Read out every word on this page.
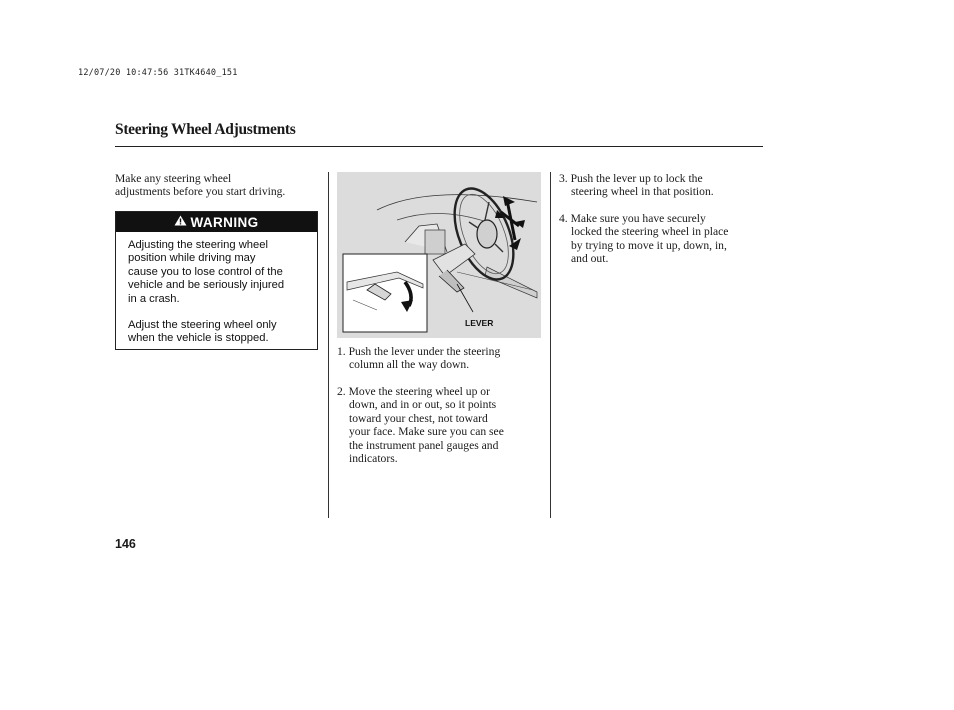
12/07/20 10:47:56 31TK4640_151
Steering Wheel Adjustments
Make any steering wheel
adjustments before you start driving.
WARNING
Adjusting the steering wheel
position while driving may
cause you to lose control of the
vehicle and be seriously injured
in a crash.
Adjust the steering wheel only
when the vehicle is stopped.
LEVER
1. Push the lever under the steering
column all the way down.
2. Move the steering wheel up or
down, and in or out, so it points
toward your chest, not toward
your face. Make sure you can see
the instrument panel gauges and
indicators.
3. Push the lever up to lock the
steering wheel in that position.
4. Make sure you have securely
locked the steering wheel in place
by trying to move it up, down, in,
and out.
146
